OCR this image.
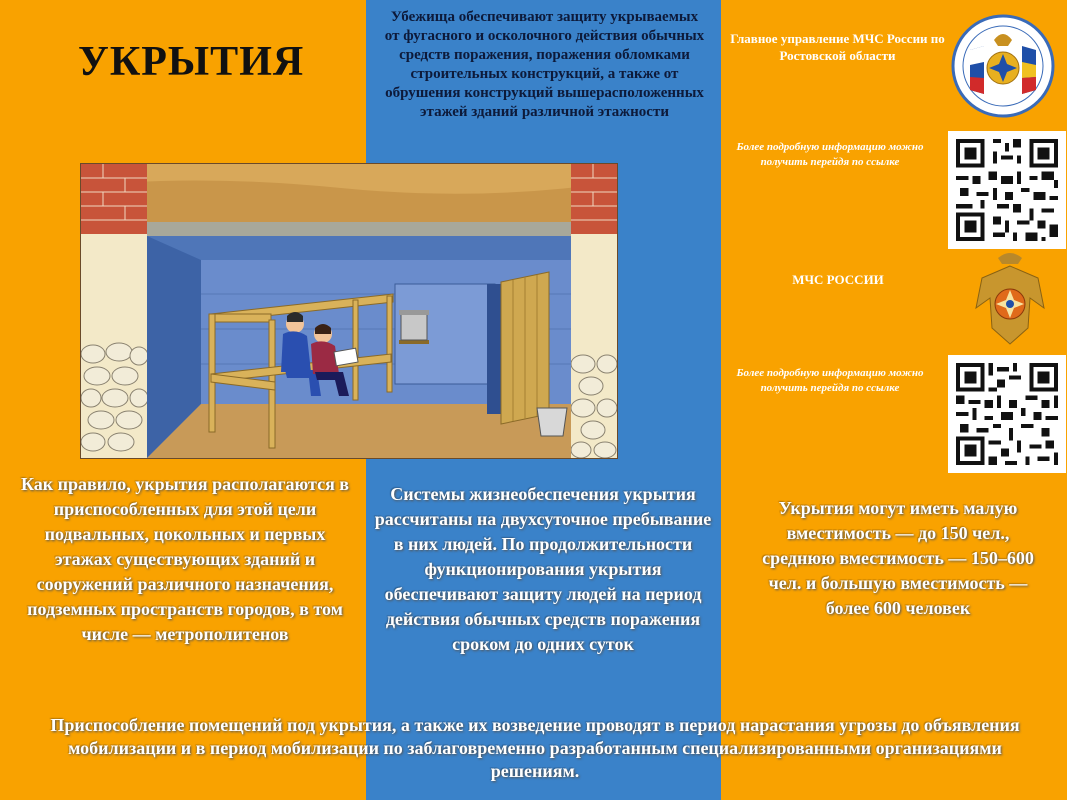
УКРЫТИЯ
Убежища обеспечивают защиту укрываемых от фугасного и осколочного действия обычных средств поражения, поражения обломками строительных конструкций, а также от обрушения конструкций вышерасположенных этажей зданий различной этажности
Как правило, укрытия располагаются в приспособленных для этой цели подвальных, цокольных и первых этажах существующих зданий и сооружений различного назначения, подземных пространств городов, в том числе — метрополитенов
Системы жизнеобеспечения укрытия рассчитаны на двухсуточное пребывание в них людей. По продолжительности функционирования укрытия обеспечивают защиту людей на период действия обычных средств поражения сроком до одних суток
Укрытия могут иметь малую вместимость — до 150 чел., среднюю вместимость — 150–600 чел. и большую вместимость — более 600 человек
Приспособление помещений под укрытия, а также их возведение проводят в период нарастания угрозы до объявления мобилизации и в период мобилизации по заблаговременно разработанным специализированными организациями решениям.
Главное управление МЧС России по Ростовской области
Более подробную информацию можно получить перейдя по ссылке
МЧС РОССИИ
Более подробную информацию можно получить перейдя по ссылке
